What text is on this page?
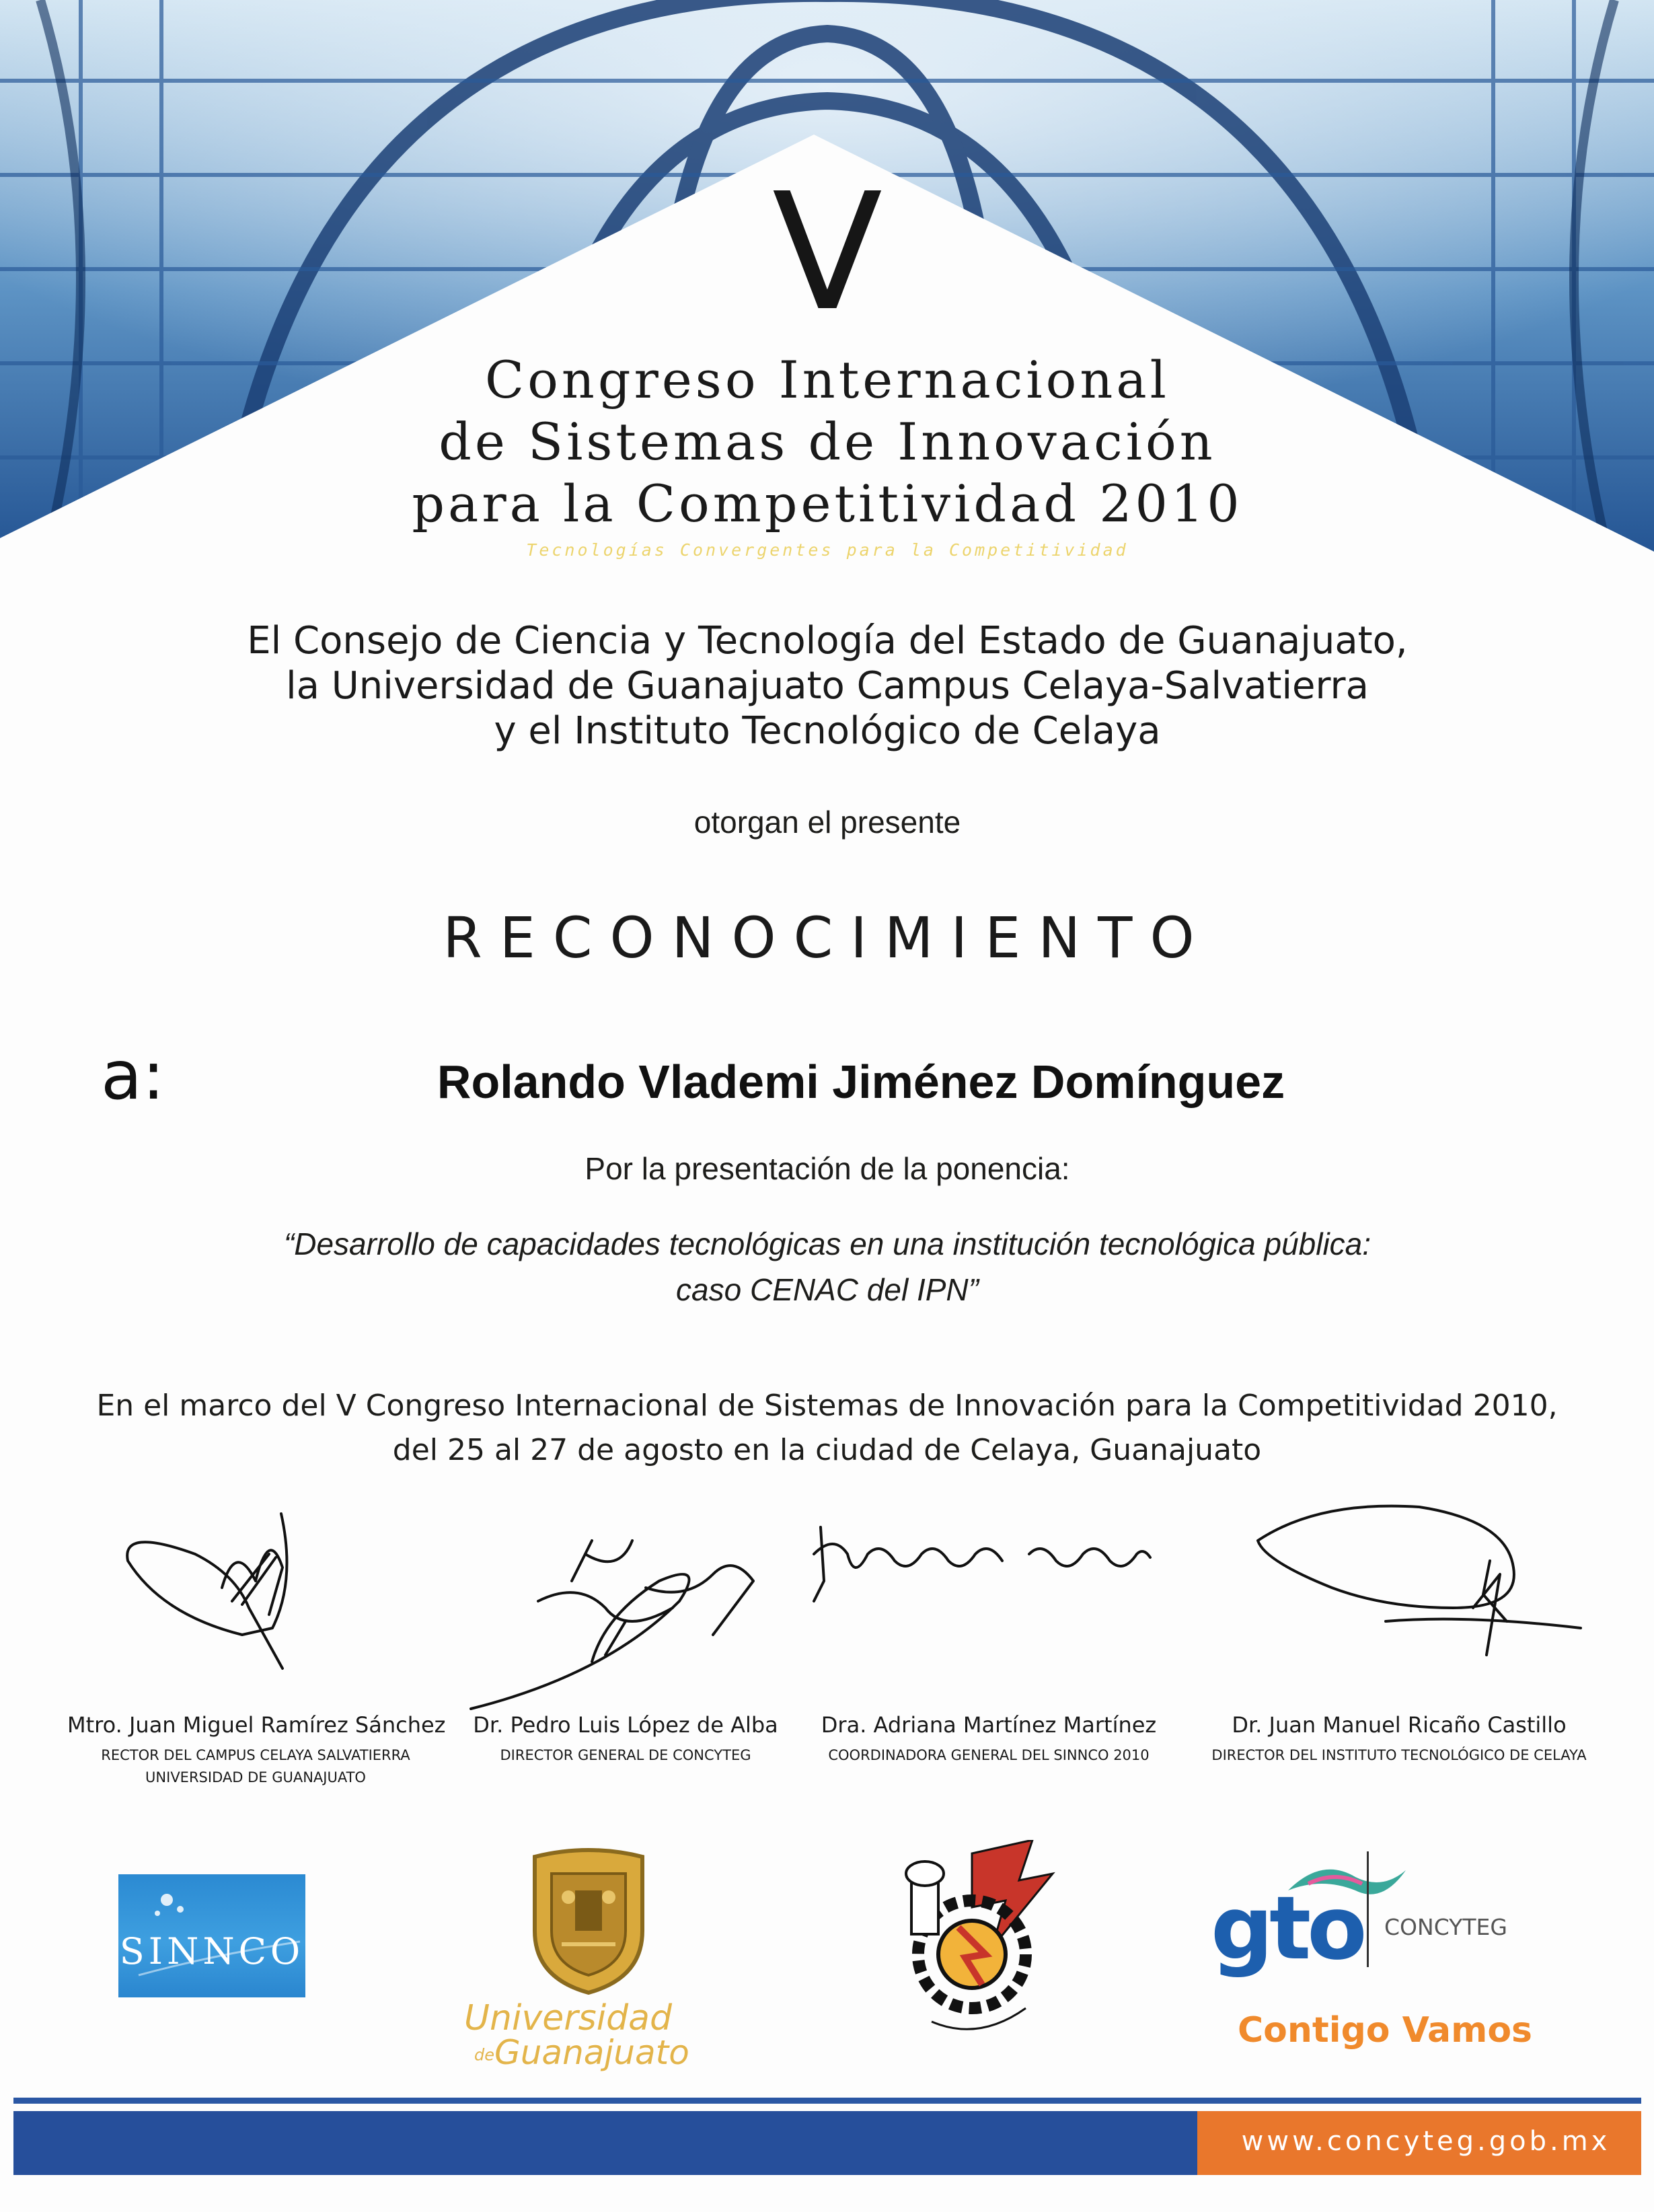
V
Congreso Internacional
de Sistemas de Innovación
para la Competitividad 2010
Tecnologías Convergentes para la Competitividad
El Consejo de Ciencia y Tecnología del Estado de Guanajuato,
la Universidad de Guanajuato Campus Celaya-Salvatierra
y el Instituto Tecnológico de Celaya
otorgan el presente
RECONOCIMIENTO
a:	Rolando Vlademi Jiménez Domínguez
Por la presentación de la ponencia:
“Desarrollo de capacidades tecnológicas en una institución tecnológica pública:
caso CENAC del IPN”
En el marco del V Congreso Internacional de Sistemas de Innovación para la Competitividad 2010,
del 25 al 27 de agosto en la ciudad de Celaya, Guanajuato
Mtro. Juan Miguel Ramírez Sánchez
RECTOR DEL CAMPUS CELAYA SALVATIERRA
UNIVERSIDAD DE GUANAJUATO
Dr. Pedro Luis López de Alba
DIRECTOR GENERAL DE CONCYTEG
Dra. Adriana Martínez Martínez
COORDINADORA GENERAL DEL SINNCO 2010
Dr. Juan Manuel Ricaño Castillo
DIRECTOR DEL INSTITUTO TECNOLÓGICO DE CELAYA
SINNCO
Universidad
deGuanajuato
gto CONCYTEG
Contigo Vamos
www.concyteg.gob.mx
